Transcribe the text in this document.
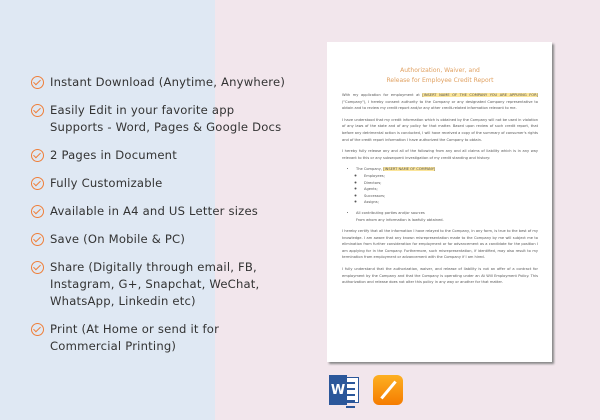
Instant Download (Anytime, Anywhere)
Easily Edit in your favorite app
Supports - Word, Pages & Google Docs
2 Pages in Document
Fully Customizable
Available in A4 and US Letter sizes
Save (On Mobile & PC)
Share (Digitally through email, FB,
Instagram, G+, Snapchat, WeChat,
WhatsApp, Linkedin etc)
Print (At Home or send it for
Commercial Printing)
Authorization, Waiver, and
Release for Employee Credit Report

With my application for employment at [INSERT NAME OF THE COMPANY YOU ARE APPLYING FOR] ("Company"), I hereby consent authority to the Company or any designated Company representative to obtain and to review my credit report and/or any other credit-related information relevant to me.

I have understood that my credit information which is obtained by the Company will not be used in violation of any laws of the state and of any policy for that matter. Based upon review of such credit report, that before any detrimental action is conducted, I will have received a copy of the summary of consumer's rights and of the credit report information I have authorized the Company to obtain.

I hereby fully release any and all of the following from any and all claims of liability which is in any way relevant to this or any subsequent investigation of my credit standing and history:

• The Company, [INSERT NAME OF COMPANY]
◦ Employees;
◦ Directors;
◦ Agents;
◦ Successors;
◦ Assigns;
• All contributing parties and/or sources
From whom any information is lawfully obtained.

I hereby certify that all the information I have relayed to the Company, in any form, is true to the best of my knowledge. I am aware that any known misrepresentation made to the Company by me will subject me to elimination from further consideration for employment or for advancement as a candidate for the position I am applying for in the Company. Furthermore, such misrepresentation, if identified, may also result to my termination from employment or advancement with the Company if I am hired.

I fully understand that the authorization, waiver, and release of liability is not an offer of a contract for employment by the Company and that the Company is operating under an At Will Employment Policy. This authorization and release does not alter this policy in any way or another for that matter.

W
